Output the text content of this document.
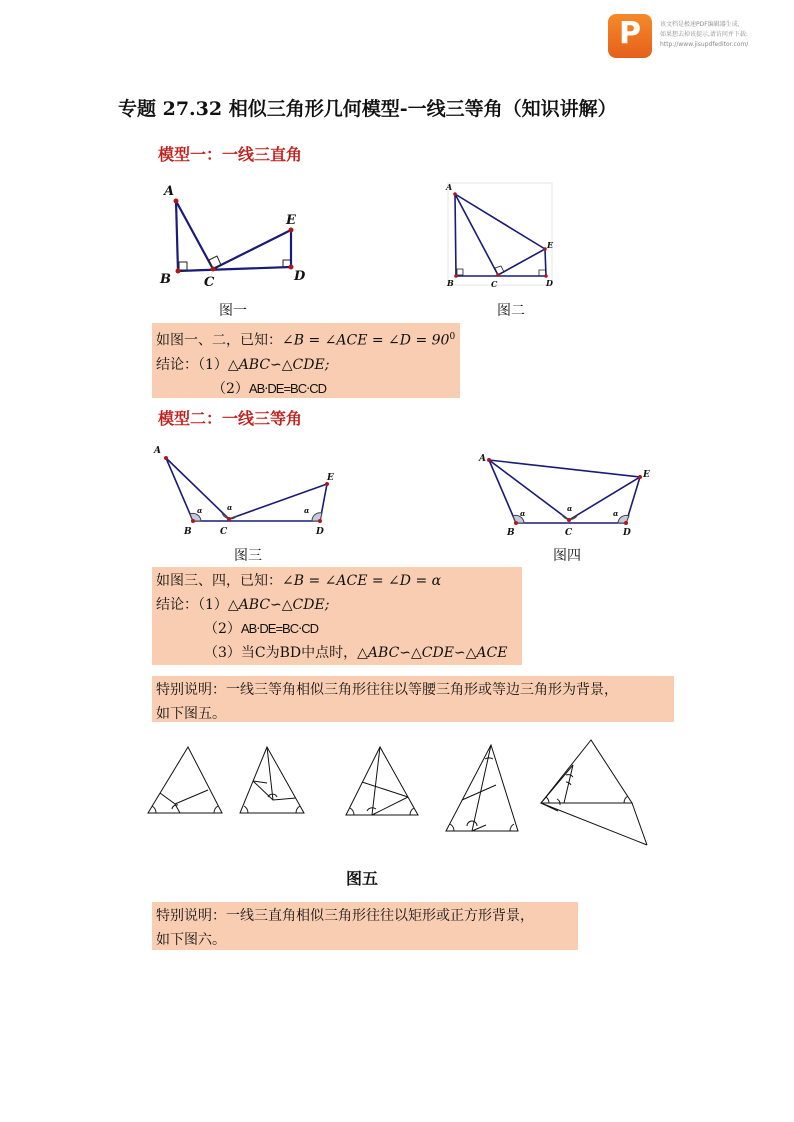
P	该文档是极速PDF编辑器生成,
如果想去掉该提示,请访问并下载:
http://www.jisupdfeditor.com/
专题 27.32 相似三角形几何模型-一线三等角（知识讲解）
模型一：一线三直角
A
B	C	D
E
图一
A
B	C	D
E
图二
如图一、二，已知：∠B = ∠ACE = ∠D = $90^0$
结论：（1）△ABC∽△CDE;
（2）AB⋅DE=BC⋅CD
模型二：一线三等角
A
B	C	D
E
α	α	α
图三
A
B	C	D
E
α
α
α
图四
如图三、四，已知：∠B = ∠ACE = ∠D = α
结论：（1）△ABC∽△CDE;
（2）AB⋅DE=BC⋅CD
（3）当C为BD中点时，△ABC∽△CDE∽△ACE
特别说明：一线三等角相似三角形往往以等腰三角形或等边三角形为背景，
如下图五。
图五
特别说明：一线三直角相似三角形往往以矩形或正方形背景，
如下图六。
